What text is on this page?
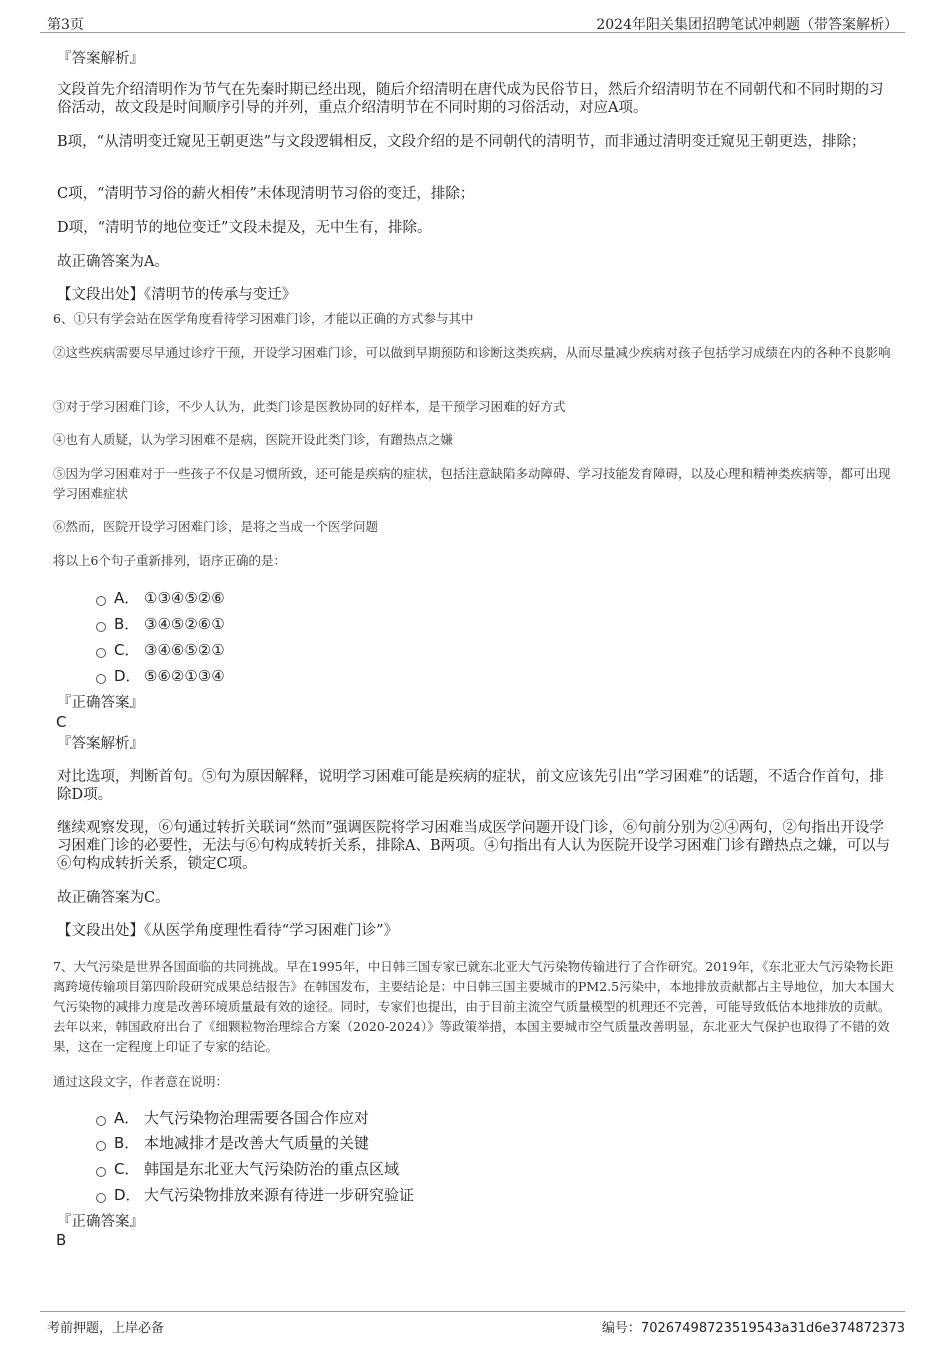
第3页	2024年阳关集团招聘笔试冲刺题（带答案解析）
『答案解析』

文段首先介绍清明作为节气在先秦时期已经出现，随后介绍清明在唐代成为民俗节日，然后介绍清明节在不同朝代和不同时期的习俗活动，故文段是时间顺序引导的并列，重点介绍清明节在不同时期的习俗活动，对应A项。

B项，“从清明变迁窥见王朝更迭”与文段逻辑相反，文段介绍的是不同朝代的清明节，而非通过清明变迁窥见王朝更迭，排除；

C项，“清明节习俗的薪火相传”未体现清明节习俗的变迁，排除；

D项，“清明节的地位变迁”文段未提及，无中生有，排除。

故正确答案为A。

【文段出处】《清明节的传承与变迁》

6、①只有学会站在医学角度看待学习困难门诊，才能以正确的方式参与其中

②这些疾病需要尽早通过诊疗干预，开设学习困难门诊，可以做到早期预防和诊断这类疾病，从而尽量减少疾病对孩子包括学习成绩在内的各种不良影响

③对于学习困难门诊，不少人认为，此类门诊是医教协同的好样本，是干预学习困难的好方式

④也有人质疑，认为学习困难不是病，医院开设此类门诊，有蹭热点之嫌

⑤因为学习困难对于一些孩子不仅是习惯所致，还可能是疾病的症状，包括注意缺陷多动障碍、学习技能发育障碍，以及心理和精神类疾病等，都可出现学习困难症状

⑥然而，医院开设学习困难门诊，是将之当成一个医学问题

将以上6个句子重新排列，语序正确的是：

A． ①③④⑤②⑥
B． ③④⑤②⑥①
C． ③④⑥⑤②①
D． ⑤⑥②①③④
『正确答案』
C
『答案解析』

对比选项，判断首句。⑤句为原因解释，说明学习困难可能是疾病的症状，前文应该先引出“学习困难”的话题，不适合作首句，排除D项。

继续观察发现，⑥句通过转折关联词“然而”强调医院将学习困难当成医学问题开设门诊，⑥句前分别为②④两句，②句指出开设学习困难门诊的必要性，无法与⑥句构成转折关系，排除A、B两项。④句指出有人认为医院开设学习困难门诊有蹭热点之嫌，可以与⑥句构成转折关系，锁定C项。

故正确答案为C。

【文段出处】《从医学角度理性看待“学习困难门诊”》

7、大气污染是世界各国面临的共同挑战。早在1995年，中日韩三国专家已就东北亚大气污染物传输进行了合作研究。2019年，《东北亚大气污染物长距离跨境传输项目第四阶段研究成果总结报告》在韩国发布，主要结论是：中日韩三国主要城市的PM2.5污染中，本地排放贡献都占主导地位，加大本国大气污染物的减排力度是改善环境质量最有效的途径。同时，专家们也提出，由于目前主流空气质量模型的机理还不完善，可能导致低估本地排放的贡献。去年以来，韩国政府出台了《细颗粒物治理综合方案（2020-2024）》等政策举措，本国主要城市空气质量改善明显，东北亚大气保护也取得了不错的效果，这在一定程度上印证了专家的结论。

通过这段文字，作者意在说明：

A． 大气污染物治理需要各国合作应对
B． 本地减排才是改善大气质量的关键
C． 韩国是东北亚大气污染防治的重点区域
D． 大气污染物排放来源有待进一步研究验证
『正确答案』
B
考前押题，上岸必备	编号：70267498723519543a31d6e374872373
